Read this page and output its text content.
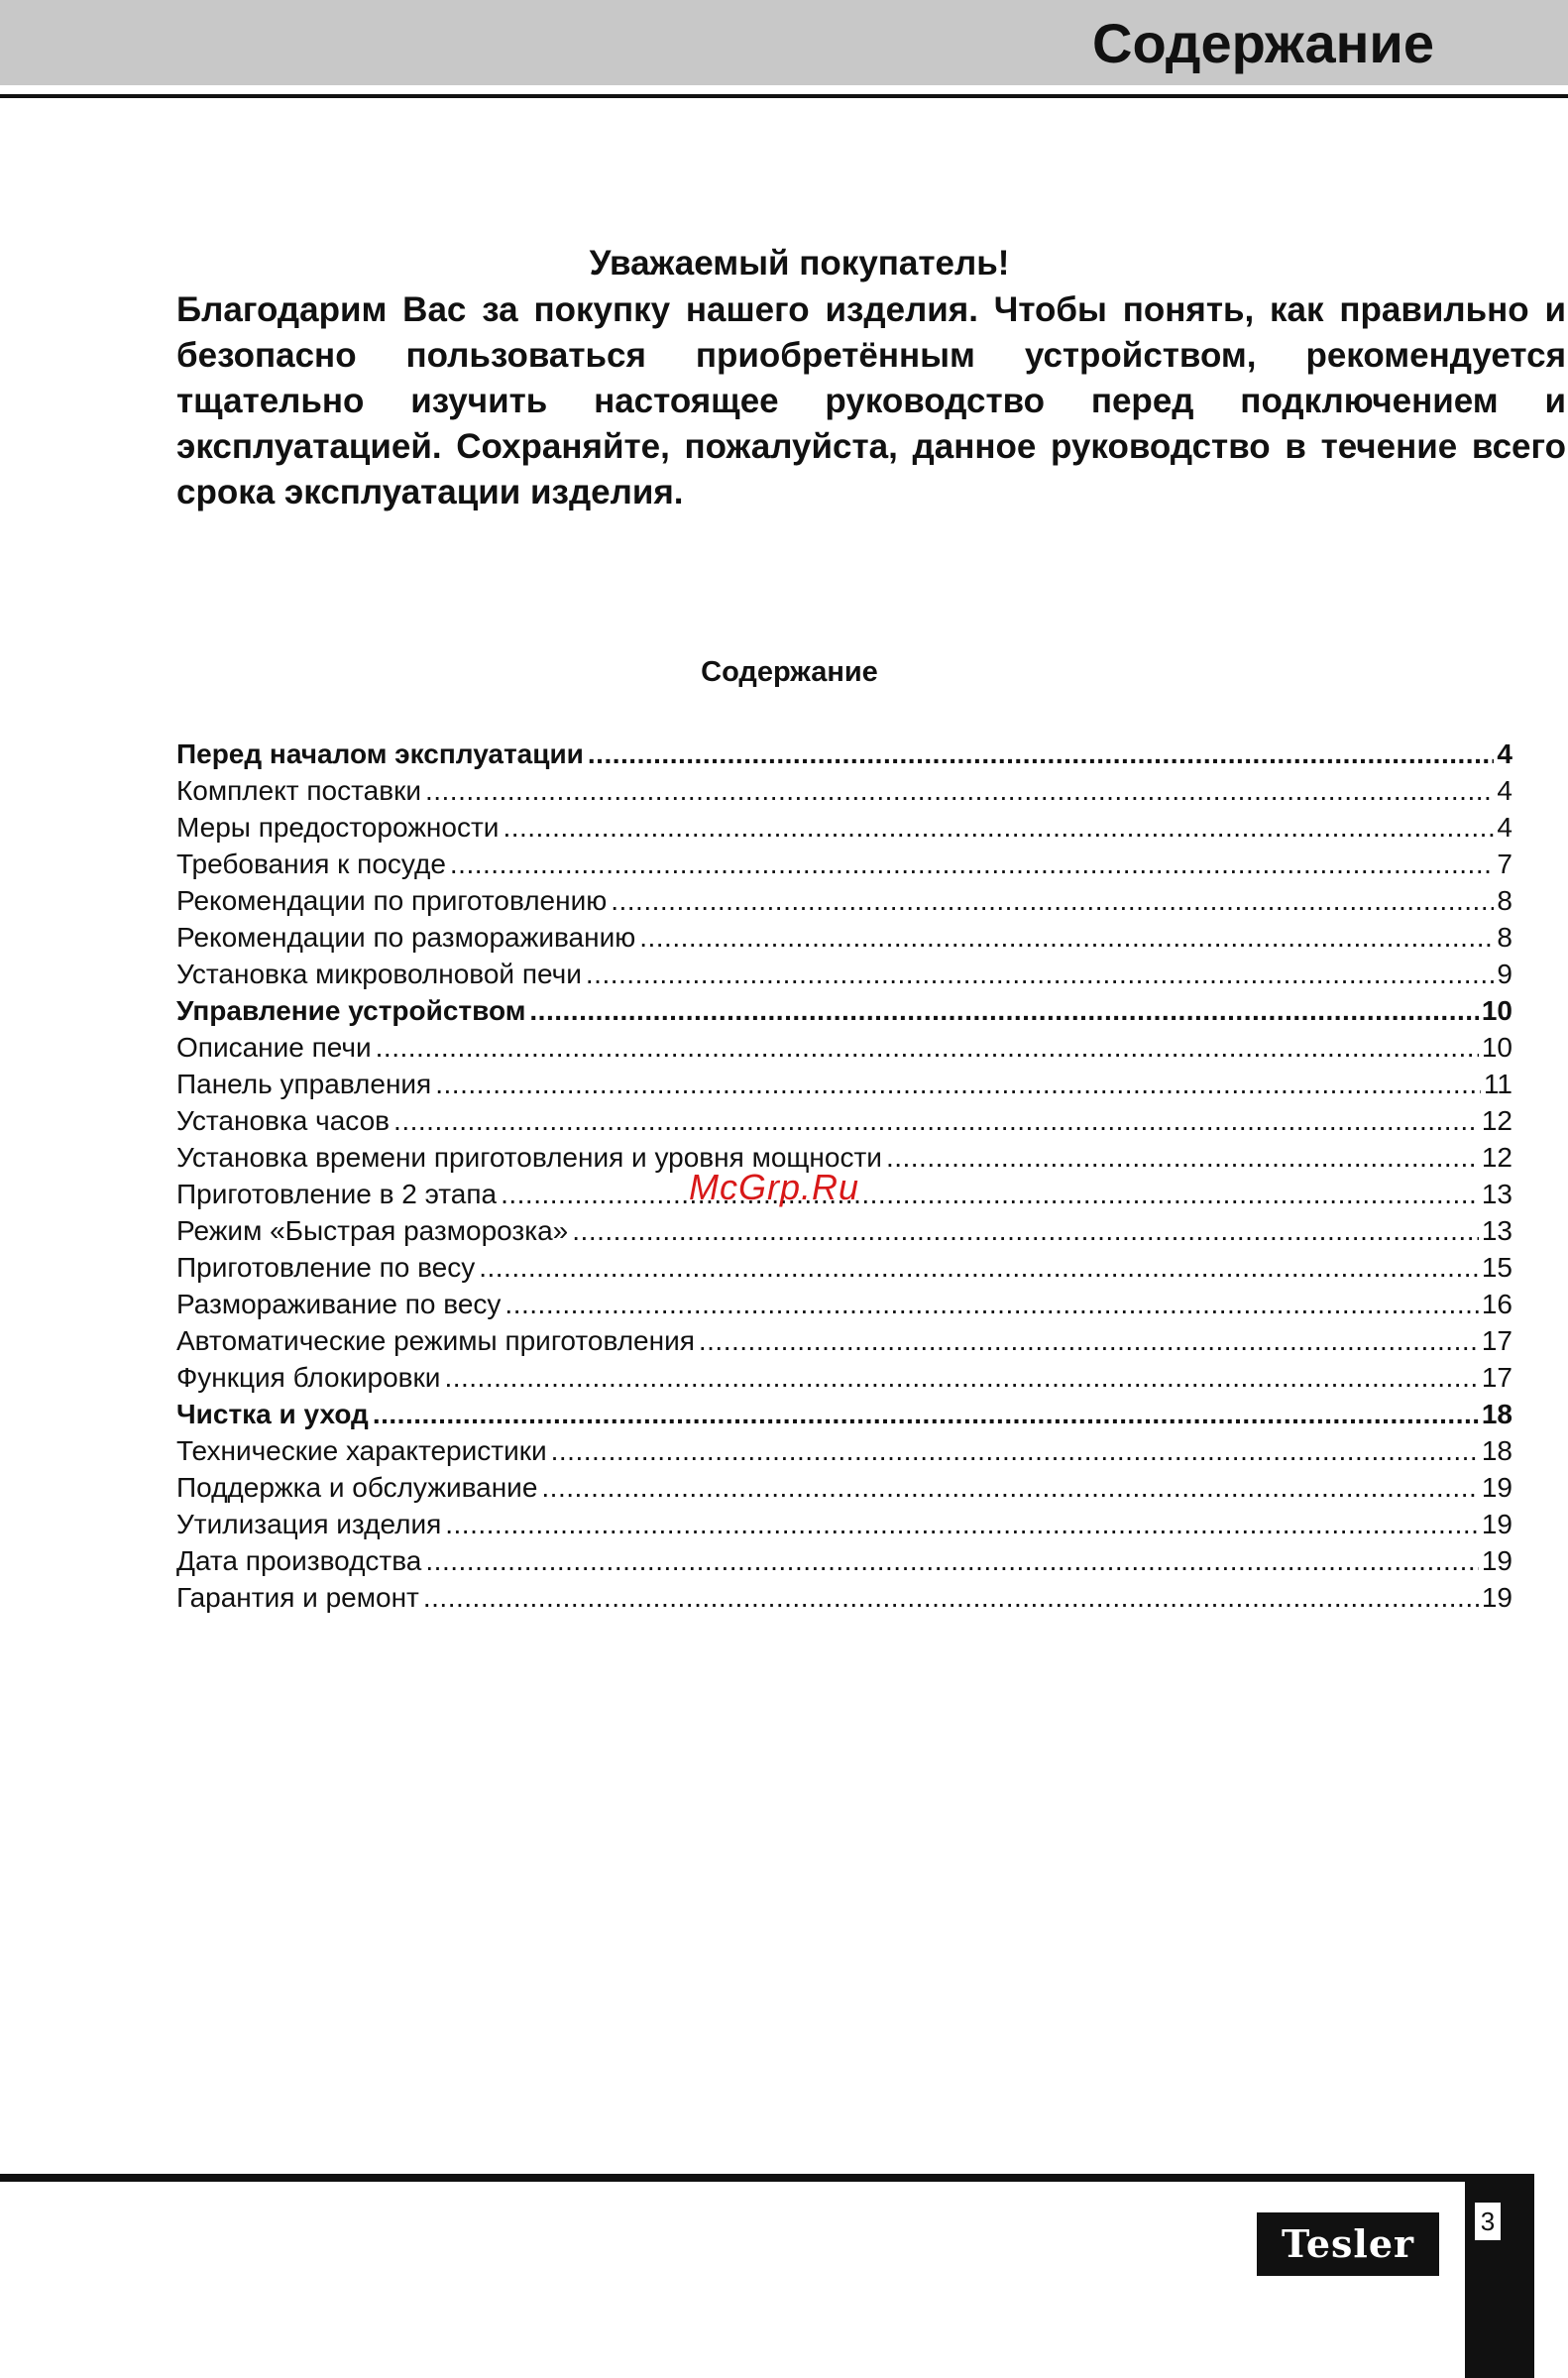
Содержание
Уважаемый покупатель!

Благодарим Вас за покупку нашего изделия. Чтобы понять, как правильно и безопасно пользоваться приобретённым устройством, рекомендуется тщательно изучить настоящее руководство перед подключением и эксплуатацией. Сохраняйте, пожалуйста, данное руководство в течение всего срока эксплуатации изделия.

Содержание
Перед началом эксплуатации .....	4
Комплект поставки .....	4
Меры предосторожности .....	4
Требования к посуде .....	7
Рекомендации по приготовлению .....	8
Рекомендации по размораживанию .....	8
Установка микроволновой печи .....	9
Управление устройством .....	10
Описание печи .....	10
Панель управления .....	11
Установка часов .....	12
Установка времени приготовления и уровня мощности .....	12
Приготовление в 2 этапа .....	13
Режим «Быстрая разморозка» .....	13
Приготовление по весу .....	15
Размораживание по весу .....	16
Автоматические режимы приготовления .....	17
Функция блокировки .....	17
Чистка и уход .....	18
Технические характеристики .....	18
Поддержка и обслуживание .....	19
Утилизация изделия .....	19
Дата производства .....	19
Гарантия и ремонт .....	19
McGrp.Ru
3
Tesler
